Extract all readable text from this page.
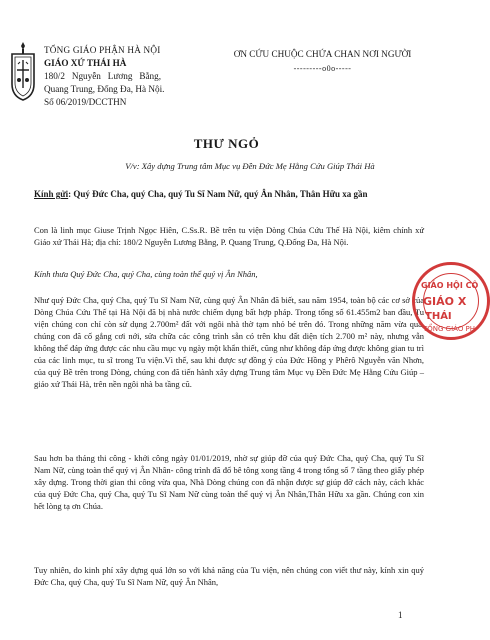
TỔNG GIÁO PHẬN HÀ NỘI
GIÁO XỨ THÁI HÀ
180/2   Nguyễn   Lương   Bằng,
Quang Trung, Đống Đa, Hà Nội.
Số 06/2019/DCCTHN
ƠN CỨU CHUỘC CHỨA CHAN NƠI NGƯỜI
---------o0o-----
THƯ NGỎ
V/v: Xây dựng Trung tâm Mục vụ Đền Đức Mẹ Hằng Cứu Giúp Thái Hà
Kính gửi: Quý Đức Cha, quý Cha, quý Tu Sĩ Nam Nữ, quý Ân Nhân, Thân Hữu xa gần
Con là linh mục Giuse Trịnh Ngọc Hiên, C.Ss.R. Bề trên tu viện Dòng Chúa Cứu Thế Hà Nội, kiêm chính xứ Giáo xứ Thái Hà; địa chỉ: 180/2 Nguyễn Lương Bằng, P. Quang Trung, Q.Đống Đa, Hà Nội.
Kính thưa Quý Đức Cha, quý Cha, cùng toàn thể quý vị Ân Nhân,
Như quý Đức Cha, quý Cha, quý Tu Sĩ Nam Nữ, cùng quý Ân Nhân đã biết, sau năm 1954, toàn bộ các cơ sở của Dòng Chúa Cứu Thế tại Hà Nội đã bị nhà nước chiếm dụng bất hợp pháp. Trong tổng số 61.455m2 ban đầu, Tu viện chúng con chỉ còn sử dụng 2.700m² đất với ngôi nhà thờ tạm nhỏ bé trên đó. Trong những năm vừa qua, chúng con đã cố gắng cơi nới, sửa chữa các công trình sẵn có trên khu đất diện tích 2.700 m² này, nhưng vẫn không thể đáp ứng được các nhu cầu mục vụ ngày một khẩn thiết, cũng như không đáp ứng được không gian tu trì của các linh mục, tu sĩ trong Tu viện.Vì thế, sau khi được sự đồng ý của Đức Hồng y Phêrô Nguyễn văn Nhơn, của quý Bề trên trong Dòng, chúng con đã tiến hành xây dựng Trung tâm Mục vụ Đền Đức Mẹ Hằng Cứu Giúp – giáo xứ Thái Hà, trên nền ngôi nhà ba tầng cũ.
Sau hơn ba tháng thi công - khởi công ngày 01/01/2019, nhờ sự giúp đỡ của quý Đức Cha, quý Cha, quý Tu Sĩ Nam Nữ, cùng toàn thể quý vị Ân Nhân- công trình đã đổ bê tông xong tầng 4 trong tổng số 7 tầng theo giấy phép xây dựng. Trong thời gian thi công vừa qua, Nhà Dòng chúng con đã nhận được sự giúp đỡ cách này, cách khác của quý Đức Cha, quý Cha, quý Tu Sĩ Nam Nữ cùng toàn thể quý vị Ân Nhân,Thân Hữu xa gần. Chúng con xin hết lòng tạ ơn Chúa.
Tuy nhiên, do kinh phí xây dựng quá lớn so với khả năng của Tu viện, nên chúng con viết thư này, kính xin quý Đức Cha, quý Cha, quý Tu Sĩ Nam Nữ, quý Ân Nhân,
GIÁO HỘI CÔ
GIÁO X
THÁI
TỔNG GIÁO PH
1
